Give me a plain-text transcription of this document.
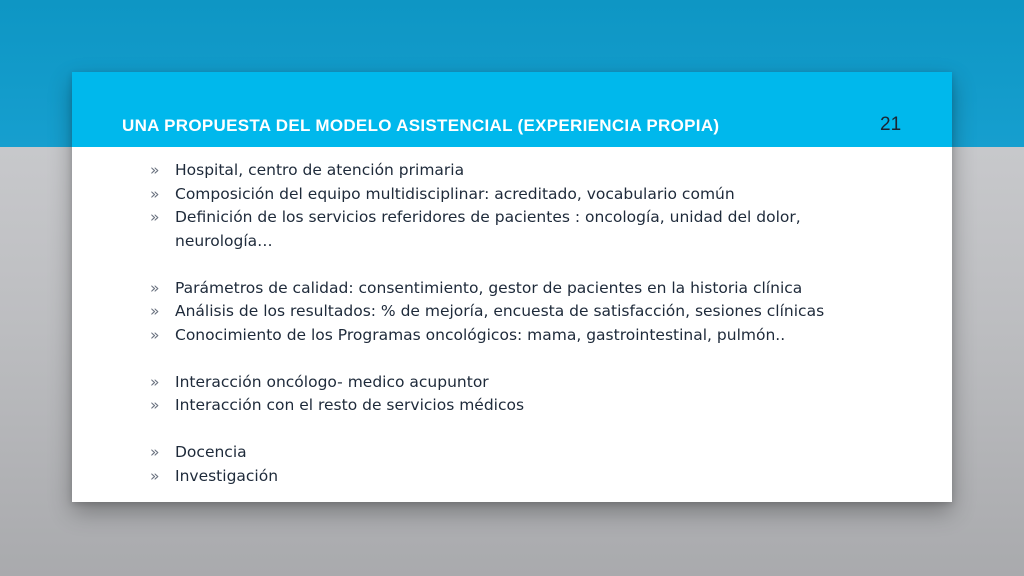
UNA PROPUESTA DEL MODELO ASISTENCIAL (EXPERIENCIA PROPIA)	21
» Hospital, centro de atención primaria
» Composición del equipo multidisciplinar: acreditado, vocabulario común
» Definición de los servicios referidores de pacientes : oncología, unidad del dolor, neurología…
» Parámetros de calidad: consentimiento, gestor de pacientes en la historia clínica
» Análisis de los resultados: % de mejoría, encuesta de satisfacción, sesiones clínicas
» Conocimiento de los Programas oncológicos: mama, gastrointestinal, pulmón..
» Interacción oncólogo- medico acupuntor
» Interacción con el resto de servicios médicos
» Docencia
» Investigación
